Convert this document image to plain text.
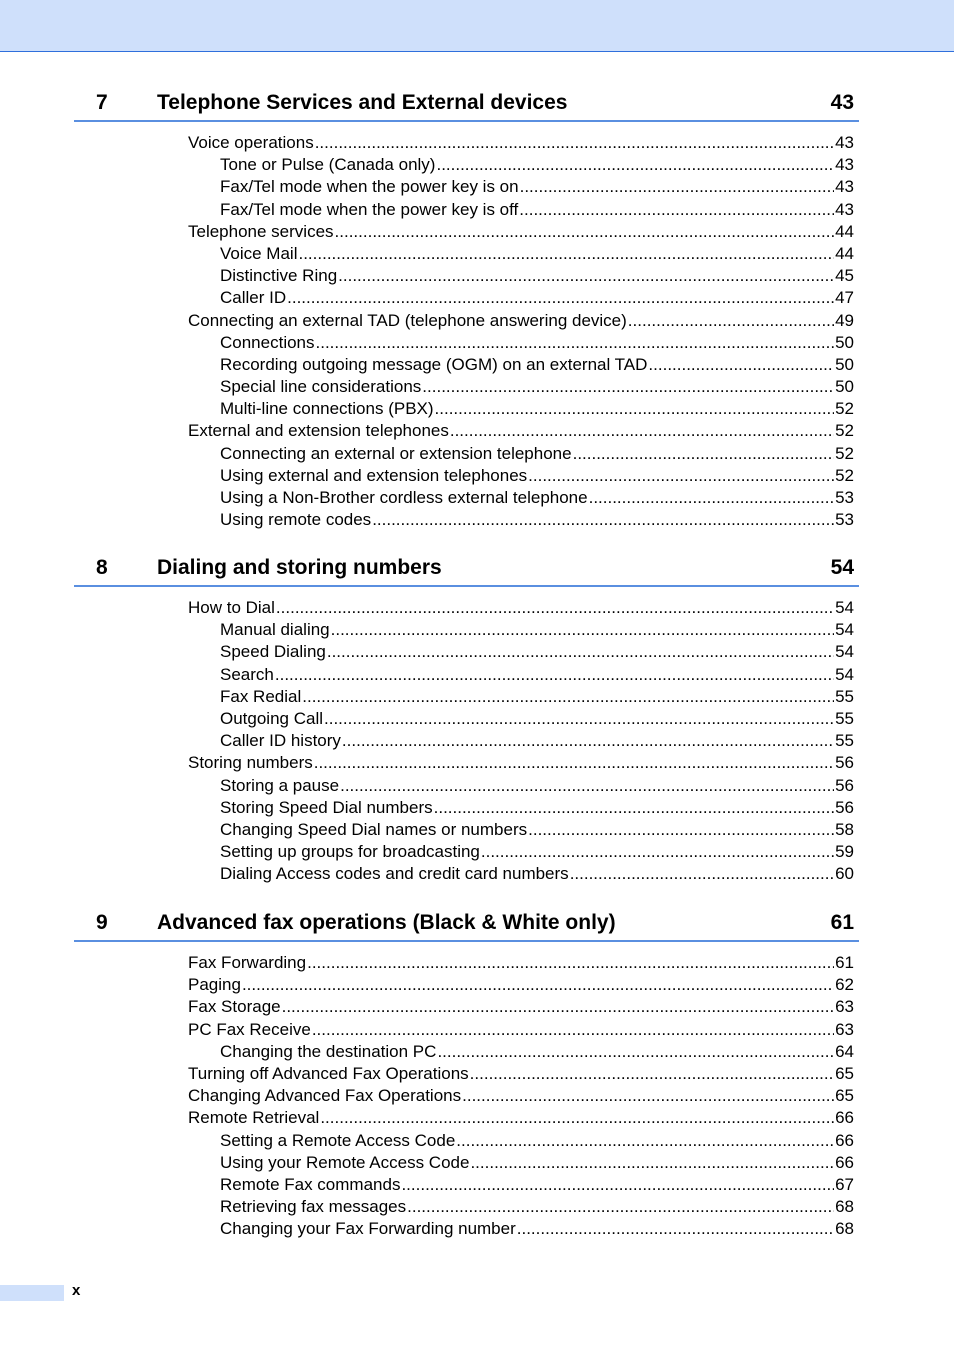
7 Telephone Services and External devices	43
Voice operations .....	43
Tone or Pulse (Canada only) .....	43
Fax/Tel mode when the power key is on .....	43
Fax/Tel mode when the power key is off .....	43
Telephone services .....	44
Voice Mail .....	44
Distinctive Ring .....	45
Caller ID .....	47
Connecting an external TAD (telephone answering device) .....	49
Connections .....	50
Recording outgoing message (OGM) on an external TAD .....	50
Special line considerations .....	50
Multi-line connections (PBX) .....	52
External and extension telephones .....	52
Connecting an external or extension telephone .....	52
Using external and extension telephones .....	52
Using a Non-Brother cordless external telephone .....	53
Using remote codes .....	53
8 Dialing and storing numbers	54
How to Dial .....	54
Manual dialing .....	54
Speed Dialing .....	54
Search .....	54
Fax Redial .....	55
Outgoing Call .....	55
Caller ID history .....	55
Storing numbers .....	56
Storing a pause .....	56
Storing Speed Dial numbers .....	56
Changing Speed Dial names or numbers .....	58
Setting up groups for broadcasting .....	59
Dialing Access codes and credit card numbers .....	60
9 Advanced fax operations (Black & White only)	61
Fax Forwarding .....	61
Paging .....	62
Fax Storage .....	63
PC Fax Receive .....	63
Changing the destination PC .....	64
Turning off Advanced Fax Operations .....	65
Changing Advanced Fax Operations .....	65
Remote Retrieval .....	66
Setting a Remote Access Code .....	66
Using your Remote Access Code .....	66
Remote Fax commands .....	67
Retrieving fax messages .....	68
Changing your Fax Forwarding number .....	68
x
